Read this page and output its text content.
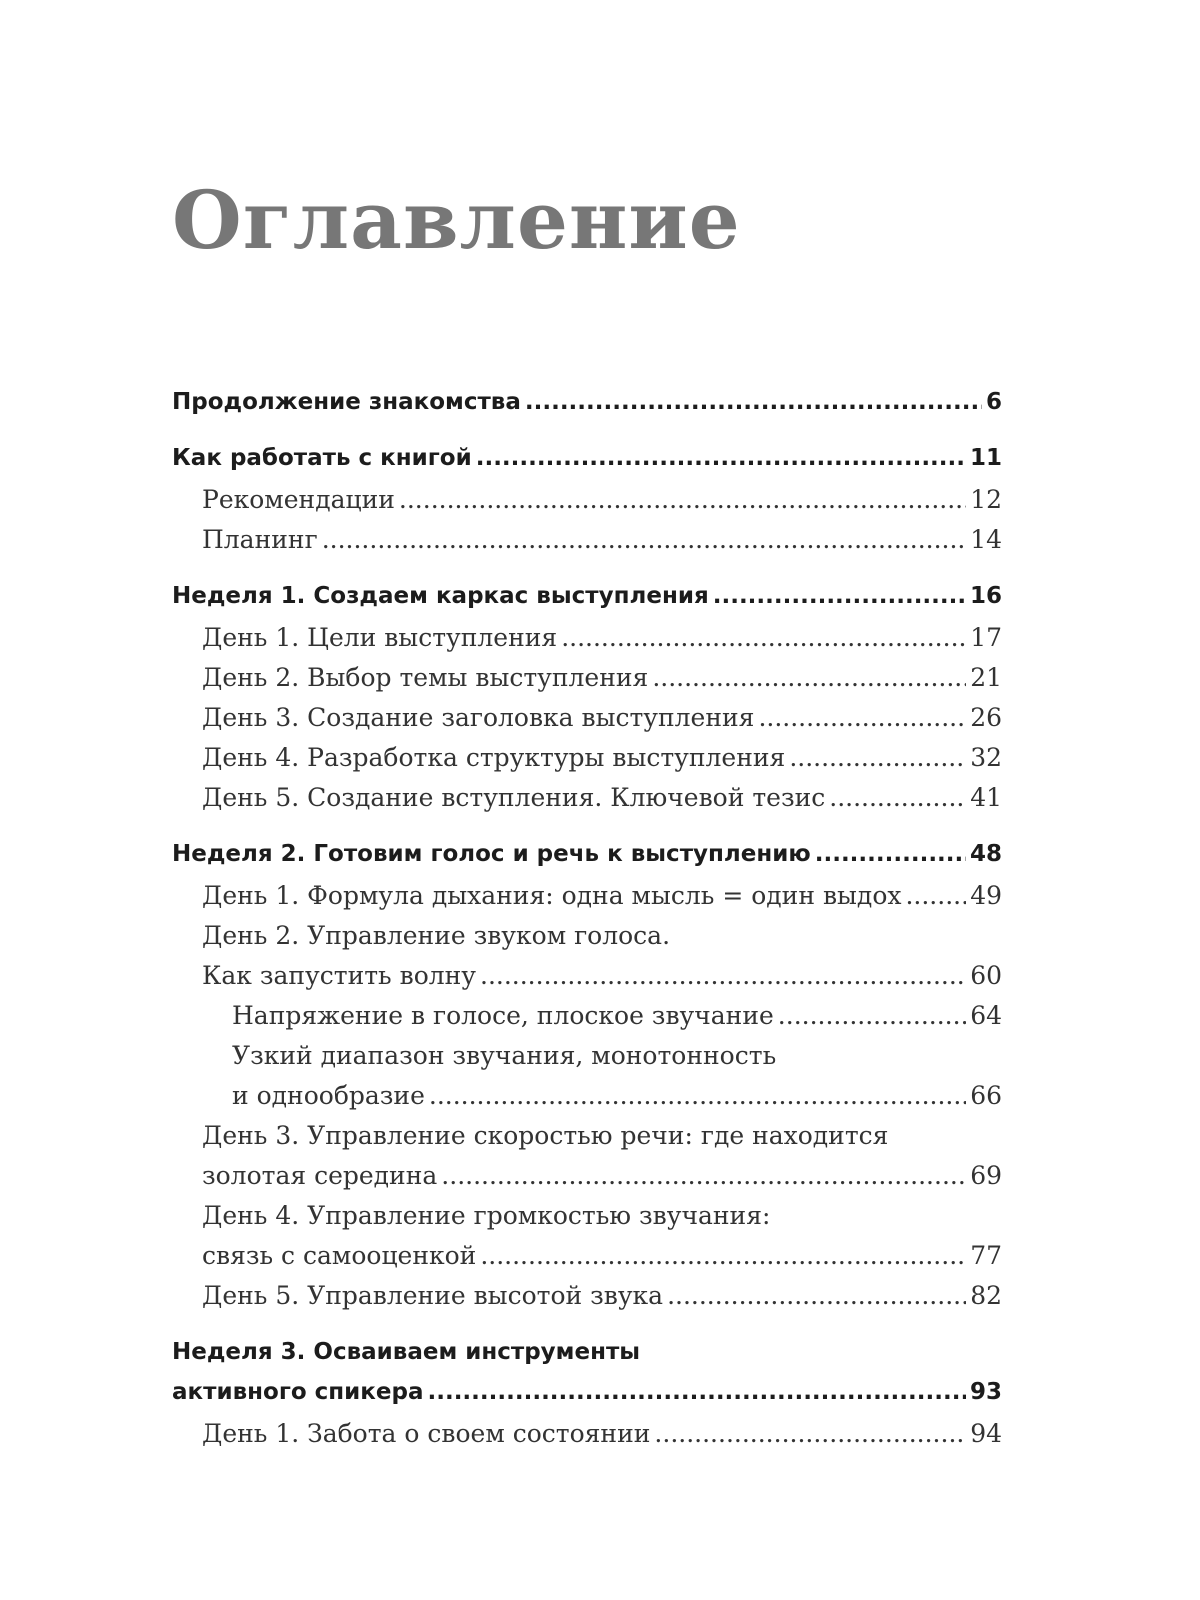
Оглавление
Продолжение знакомства .....	6
Как работать с книгой .....	11
Рекомендации .....	12
Планинг .....	14
Неделя 1. Создаем каркас выступления .....	16
День 1. Цели выступления .....	17
День 2. Выбор темы выступления .....	21
День 3. Создание заголовка выступления .....	26
День 4. Разработка структуры выступления .....	32
День 5. Создание вступления. Ключевой тезис .....	41
Неделя 2. Готовим голос и речь к выступлению .....	48
День 1. Формула дыхания: одна мысль = один выдох .....	49
День 2. Управление звуком голоса.
Как запустить волну .....	60
Напряжение в голосе, плоское звучание .....	64
Узкий диапазон звучания, монотонность
и однообразие .....	66
День 3. Управление скоростью речи: где находится
золотая середина .....	69
День 4. Управление громкостью звучания:
связь с самооценкой .....	77
День 5. Управление высотой звука .....	82
Неделя 3. Осваиваем инструменты
активного спикера .....	93
День 1. Забота о своем состоянии .....	94
